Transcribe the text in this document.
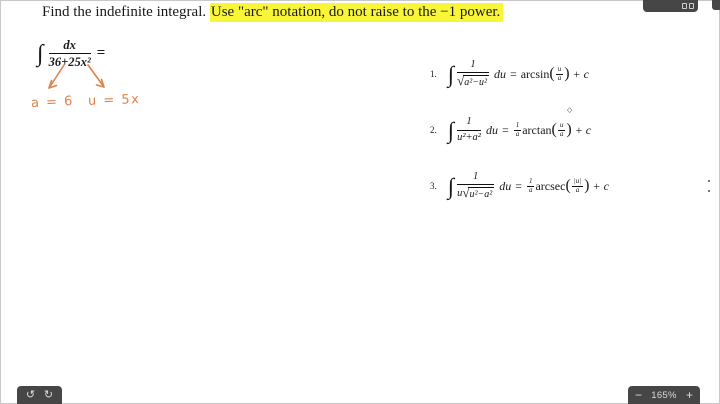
Find the indefinite integral. Use "arc" notation, do not raise to the −1 power.
∫ $\frac{dx}{\text{36+25x²}}$ =
a = 6 u = 5x
1. ∫ $\frac{1}{\text{√ a²−u²}}$ du = arcsin ( $\frac{u}{a}$ ) + c
◇
2. ∫ $\frac{1}{\text{u²+a²}}$ du = $\frac{1}{a}$ arctan ( $\frac{u}{a}$ ) + c
3. ∫ $\frac{1}{\text{u √ u²−a²}}$ du = $\frac{1}{a}$ arcsec ( $\frac{|u|}{a}$ ) + c
↺ ↻	− 165% +
